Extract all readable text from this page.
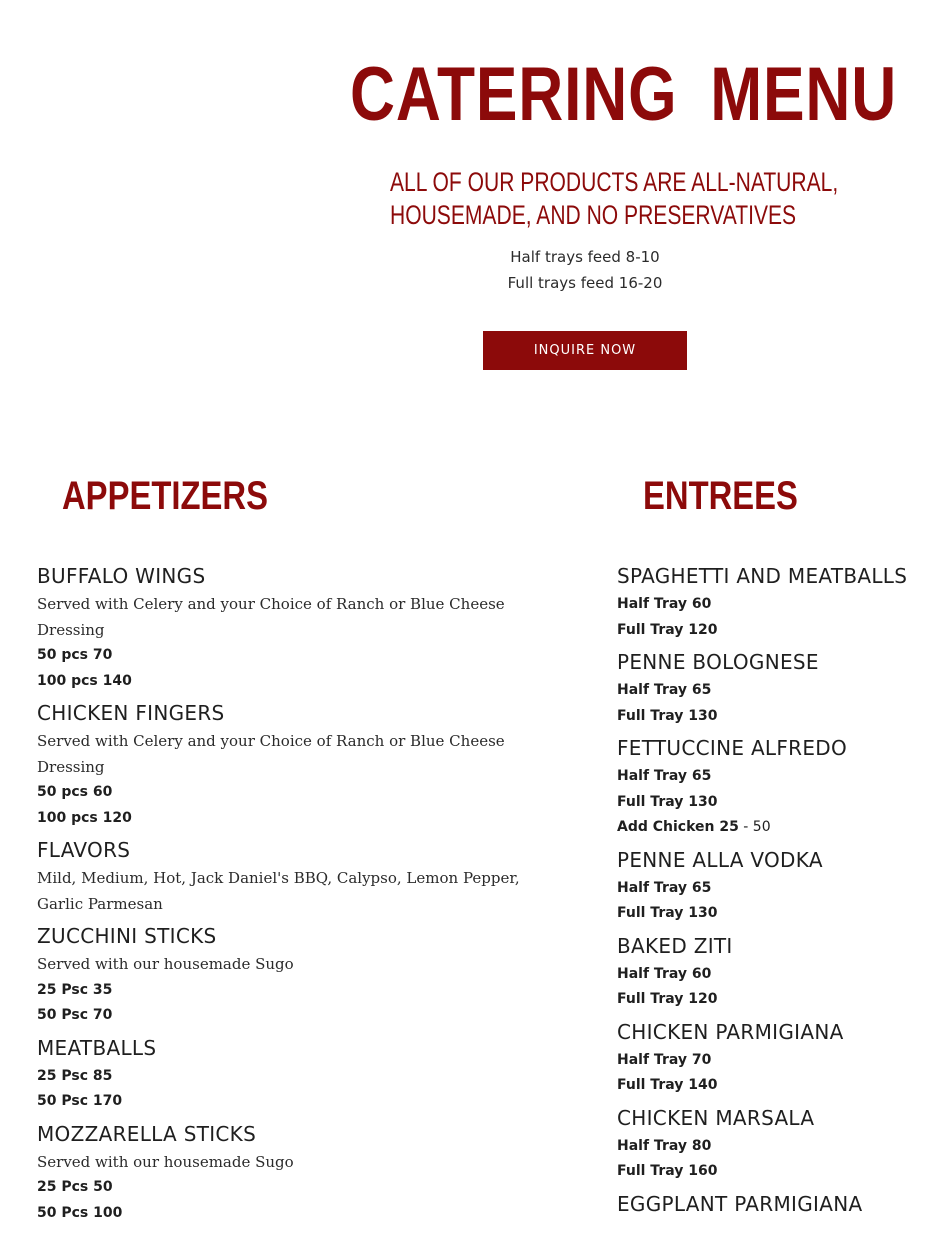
CATERING MENU
ALL OF OUR PRODUCTS ARE ALL-NATURAL,
HOUSEMADE, AND NO PRESERVATIVES
Half trays feed 8-10
Full trays feed 16-20
INQUIRE NOW
APPETIZERS	ENTREES
BUFFALO WINGS
Served with Celery and your Choice of Ranch or Blue Cheese Dressing
50 pcs 70
100 pcs 140
CHICKEN FINGERS
Served with Celery and your Choice of Ranch or Blue Cheese Dressing
50 pcs 60
100 pcs 120
FLAVORS
Mild, Medium, Hot, Jack Daniel's BBQ, Calypso, Lemon Pepper, Garlic Parmesan
ZUCCHINI STICKS
Served with our housemade Sugo
25 Psc 35
50 Psc 70
MEATBALLS
25 Psc 85
50 Psc 170
MOZZARELLA STICKS
Served with our housemade Sugo
25 Pcs 50
50 Pcs 100
SPAGHETTI AND MEATBALLS
Half Tray 60
Full Tray 120
PENNE BOLOGNESE
Half Tray 65
Full Tray 130
FETTUCCINE ALFREDO
Half Tray 65
Full Tray 130
Add Chicken 25 - 50
PENNE ALLA VODKA
Half Tray 65
Full Tray 130
BAKED ZITI
Half Tray 60
Full Tray 120
CHICKEN PARMIGIANA
Half Tray 70
Full Tray 140
CHICKEN MARSALA
Half Tray 80
Full Tray 160
EGGPLANT PARMIGIANA
